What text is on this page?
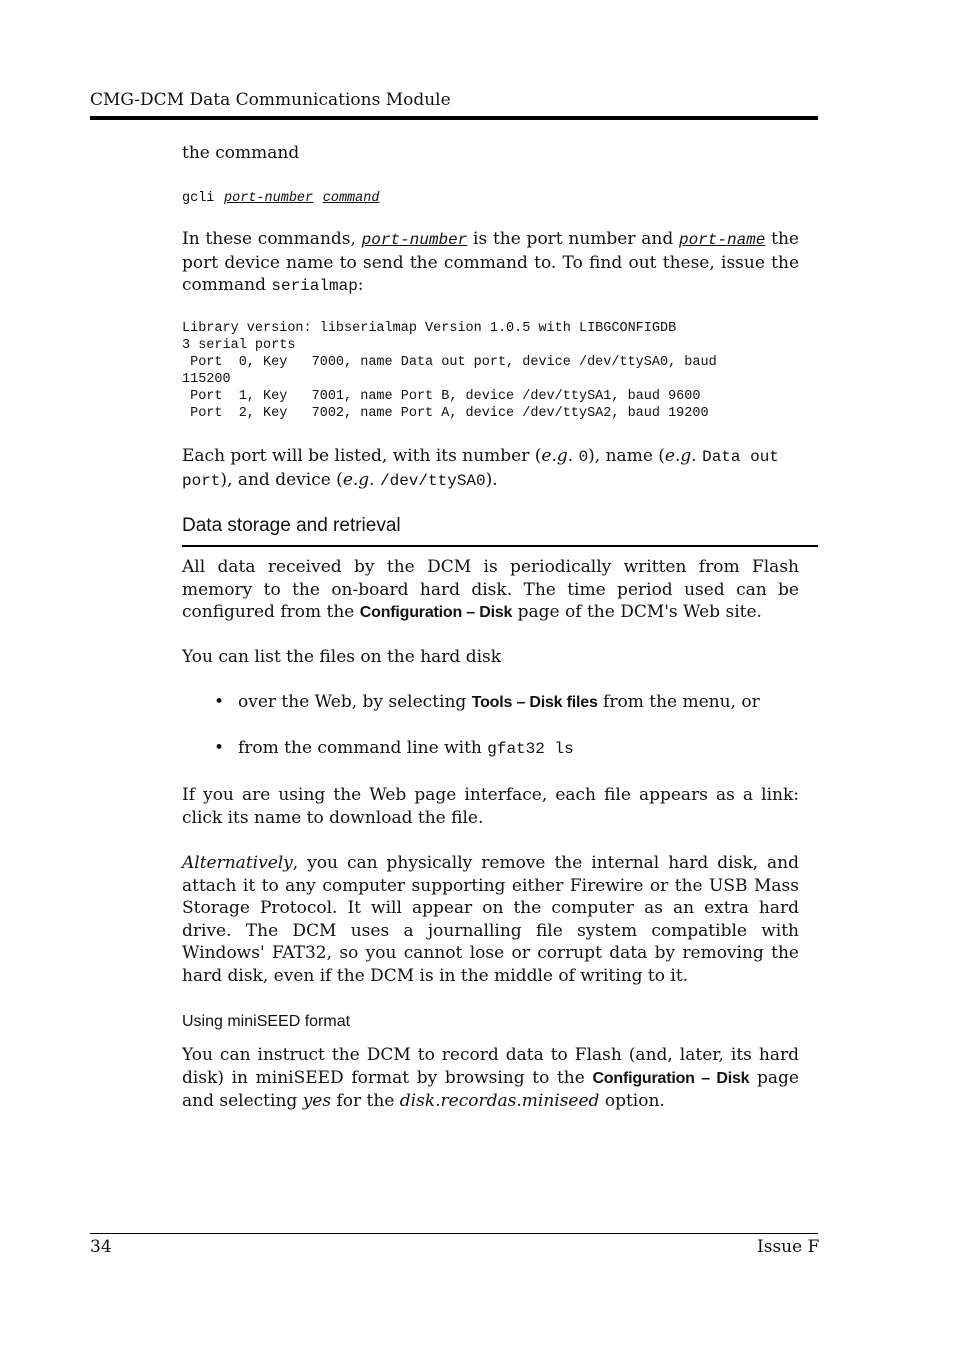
CMG-DCM Data Communications Module

the command

gcli port-number command

In these commands, port-number is the port number and port-name the port device name to send the command to. To find out these, issue the command serialmap:

Library version: libserialmap Version 1.0.5 with LIBGCONFIGDB
3 serial ports
Port  0, Key   7000, name Data out port, device /dev/ttySA0, baud
115200
Port  1, Key   7001, name Port B, device /dev/ttySA1, baud 9600
Port  2, Key   7002, name Port A, device /dev/ttySA2, baud 19200

Each port will be listed, with its number (e.g. 0), name (e.g. Data out port), and device (e.g. /dev/ttySA0).

Data storage and retrieval

All data received by the DCM is periodically written from Flash memory to the on-board hard disk. The time period used can be configured from the Configuration – Disk page of the DCM's Web site.

You can list the files on the hard disk

• over the Web, by selecting Tools – Disk files from the menu, or
• from the command line with gfat32 ls

If you are using the Web page interface, each file appears as a link: click its name to download the file.

Alternatively, you can physically remove the internal hard disk, and attach it to any computer supporting either Firewire or the USB Mass Storage Protocol. It will appear on the computer as an extra hard drive. The DCM uses a journalling file system compatible with Windows' FAT32, so you cannot lose or corrupt data by removing the hard disk, even if the DCM is in the middle of writing to it.

Using miniSEED format

You can instruct the DCM to record data to Flash (and, later, its hard disk) in miniSEED format by browsing to the Configuration – Disk page and selecting yes for the disk.recordas.miniseed option.

34	Issue F
